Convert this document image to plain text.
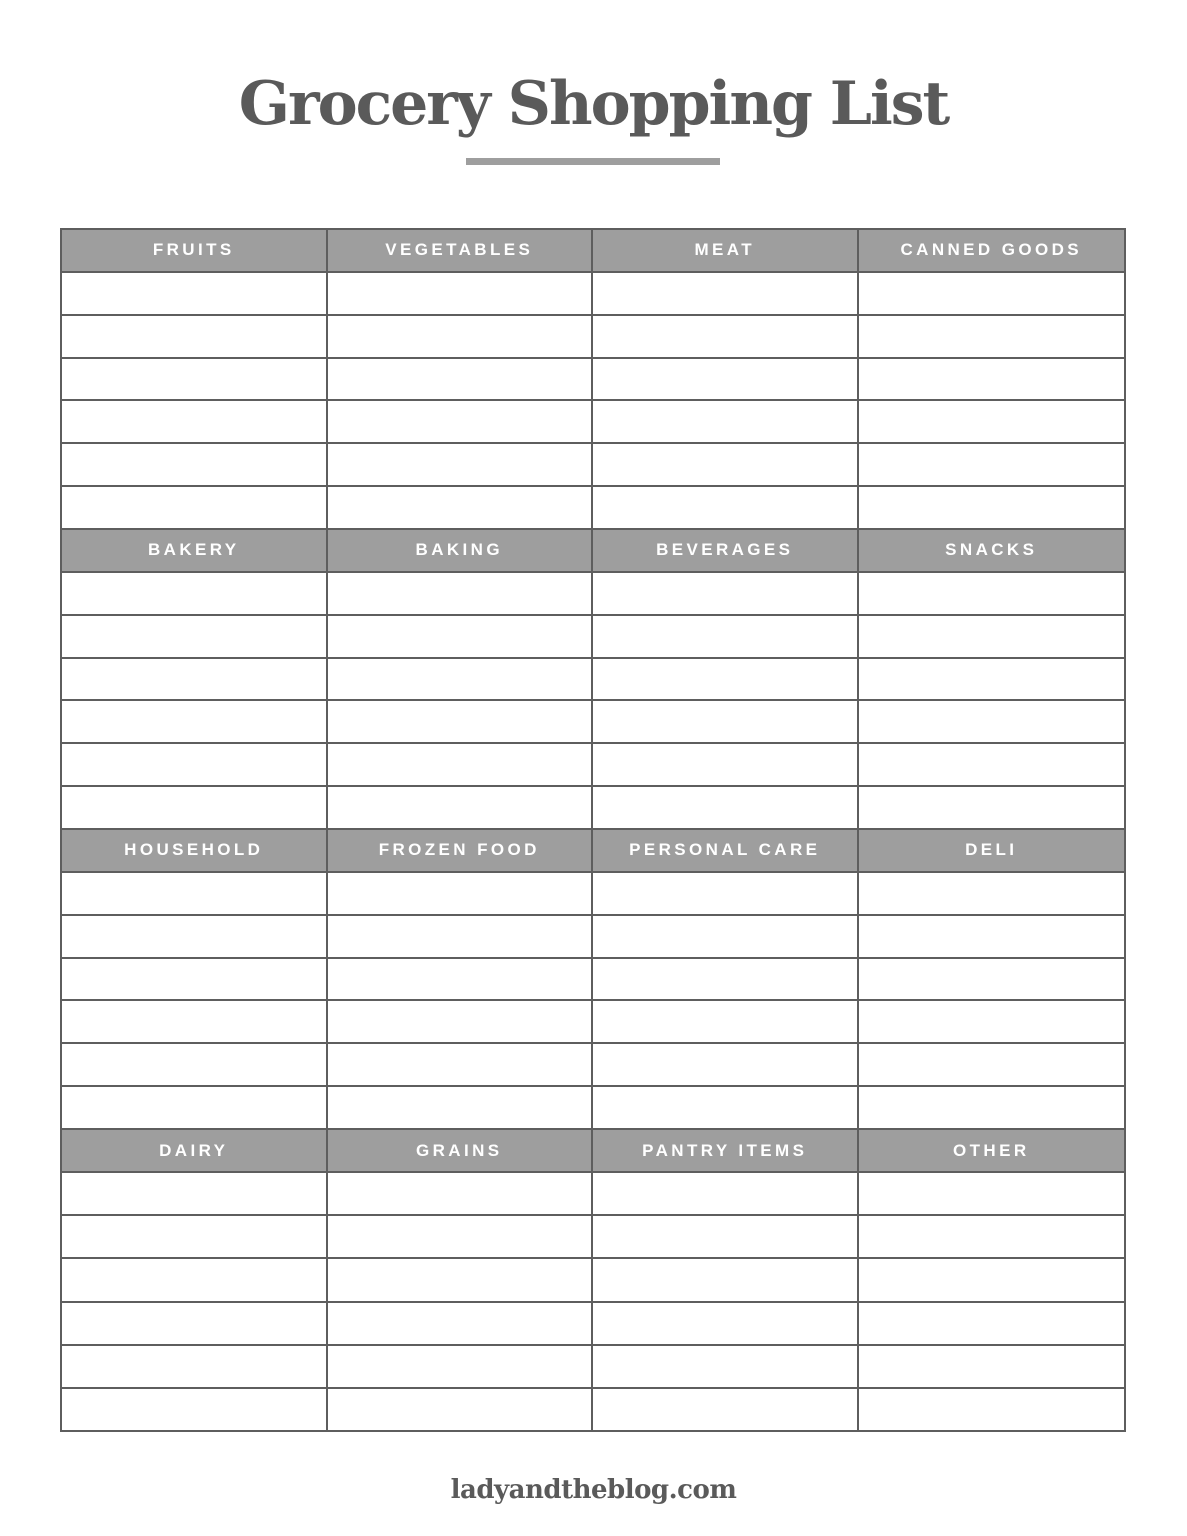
Grocery Shopping List
FRUITS	VEGETABLES	MEAT	CANNED GOODS
BAKERY	BAKING	BEVERAGES	SNACKS
HOUSEHOLD	FROZEN FOOD	PERSONAL CARE	DELI
DAIRY	GRAINS	PANTRY ITEMS	OTHER
ladyandtheblog.com
